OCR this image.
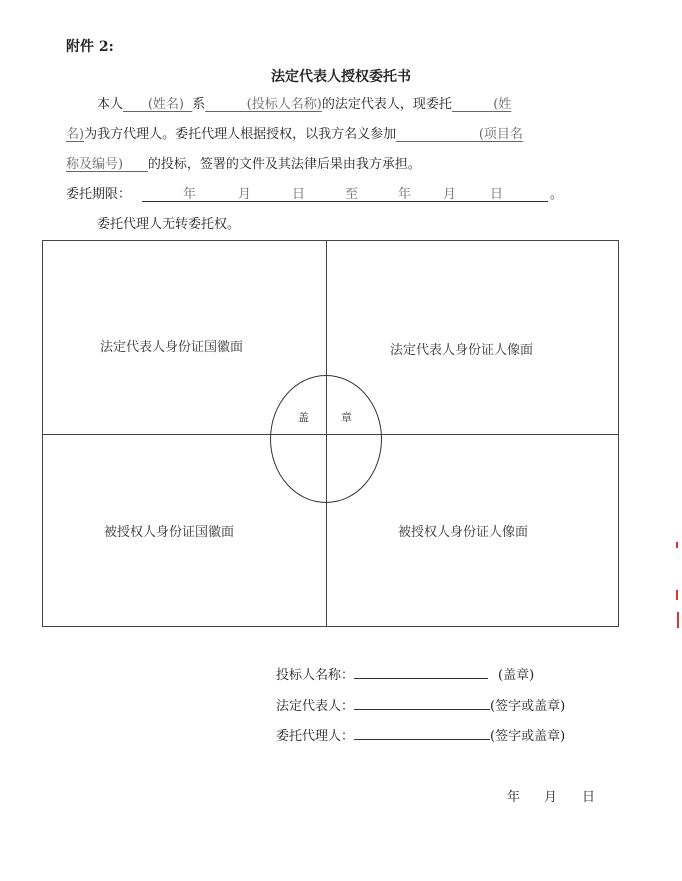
附件 2:
法定代表人授权委托书
本人    (姓名)  系     	(投标人名称)的法定代表人，现委托     	(姓
名)为我方代理人。委托代理人根据授权，以我方名义参加          	(项目名
称及编号)    的投标，签署的文件及其法律后果由我方承担。
委托期限：	年	月	日	至	年 月	日	。
委托代理人无转委托权。
法定代表人身份证国徽面	法定代表人身份证人像面
被授权人身份证国徽面	被授权人身份证人像面
盖	章
投标人名称：	(盖章)
法定代表人：	(签字或盖章)
委托代理人：	(签字或盖章)
年 月 日
